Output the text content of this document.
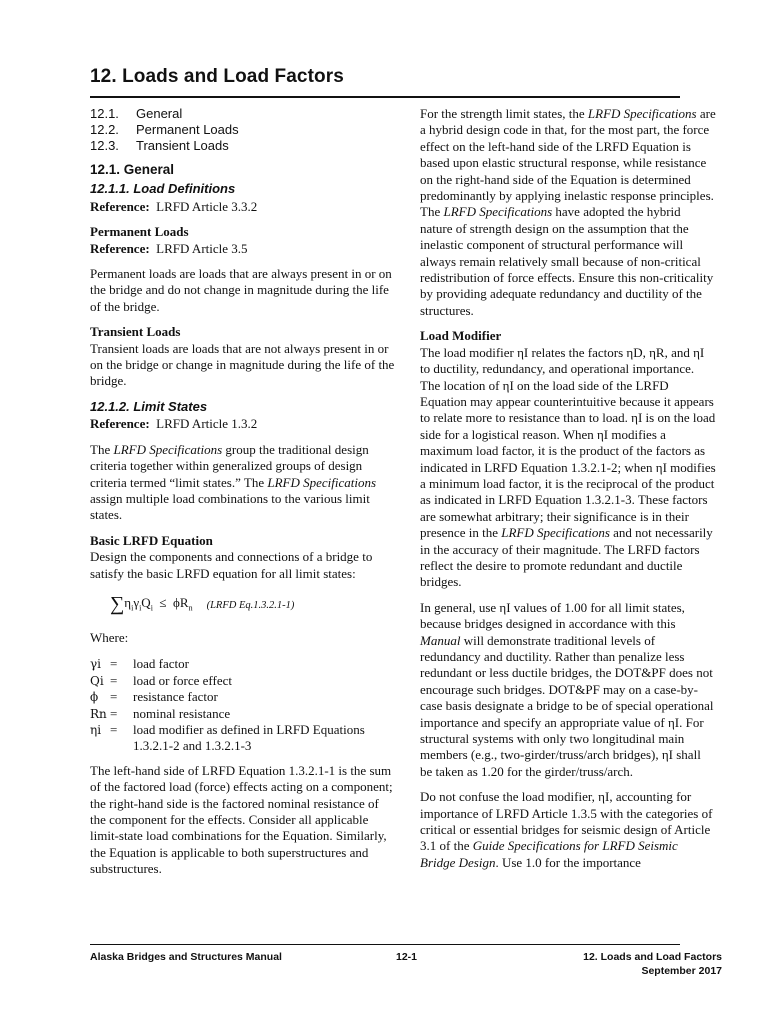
12. Loads and Load Factors
12.1.	General
12.2.	Permanent Loads
12.3.	Transient Loads
12.1. General
12.1.1. Load Definitions

Reference: LRFD Article 3.3.2

Permanent Loads

Reference: LRFD Article 3.5

Permanent loads are loads that are always present in or on the bridge and do not change in magnitude during the life of the bridge.

Transient Loads

Transient loads are loads that are not always present in or on the bridge or change in magnitude during the life of the bridge.

12.1.2. Limit States

Reference: LRFD Article 1.3.2

The LRFD Specifications group the traditional design criteria together within generalized groups of design criteria termed “limit states.” The LRFD Specifications assign multiple load combinations to the various limit states.

Basic LRFD Equation

Design the components and connections of a bridge to satisfy the basic LRFD equation for all limit states:

$\sum\eta_i\gamma_iQ_i \le \phi R_n$ (LRFD Eq.1.3.2.1-1)

Where:

γi =	load factor
Qi =	load or force effect
ϕ =	resistance factor
Rn =	nominal resistance
ηi =	load modifier as defined in LRFD Equations 1.3.2.1-2 and 1.3.2.1-3

The left-hand side of LRFD Equation 1.3.2.1-1 is the sum of the factored load (force) effects acting on a component; the right-hand side is the factored nominal resistance of the component for the effects. Consider all applicable limit-state load combinations for the Equation. Similarly, the Equation is applicable to both superstructures and substructures.

For the strength limit states, the LRFD Specifications are a hybrid design code in that, for the most part, the force effect on the left-hand side of the LRFD Equation is based upon elastic structural response, while resistance on the right-hand side of the Equation is determined predominantly by applying inelastic response principles. The LRFD Specifications have adopted the hybrid nature of strength design on the assumption that the inelastic component of structural performance will always remain relatively small because of non-critical redistribution of force effects. Ensure this non-criticality by providing adequate redundancy and ductility of the structures.

Load Modifier

The load modifier ηI relates the factors ηD, ηR, and ηI to ductility, redundancy, and operational importance. The location of ηI on the load side of the LRFD Equation may appear counterintuitive because it appears to relate more to resistance than to load. ηI is on the load side for a logistical reason. When ηI modifies a maximum load factor, it is the product of the factors as indicated in LRFD Equation 1.3.2.1-2; when ηI modifies a minimum load factor, it is the reciprocal of the product as indicated in LRFD Equation 1.3.2.1-3. These factors are somewhat arbitrary; their significance is in their presence in the LRFD Specifications and not necessarily in the accuracy of their magnitude. The LRFD factors reflect the desire to promote redundant and ductile bridges.

In general, use ηI values of 1.00 for all limit states, because bridges designed in accordance with this Manual will demonstrate traditional levels of redundancy and ductility. Rather than penalize less redundant or less ductile bridges, the DOT&PF does not encourage such bridges. DOT&PF may on a case-by-case basis designate a bridge to be of special operational importance and specify an appropriate value of ηI. For structural systems with only two longitudinal main members (e.g., two-girder/truss/arch bridges), ηI shall be taken as 1.20 for the girder/truss/arch.

Do not confuse the load modifier, ηI, accounting for importance of LRFD Article 1.3.5 with the categories of critical or essential bridges for seismic design of Article 3.1 of the Guide Specifications for LRFD Seismic Bridge Design. Use 1.0 for the importance

Alaska Bridges and Structures Manual	12-1	12. Loads and Load Factors
September 2017
